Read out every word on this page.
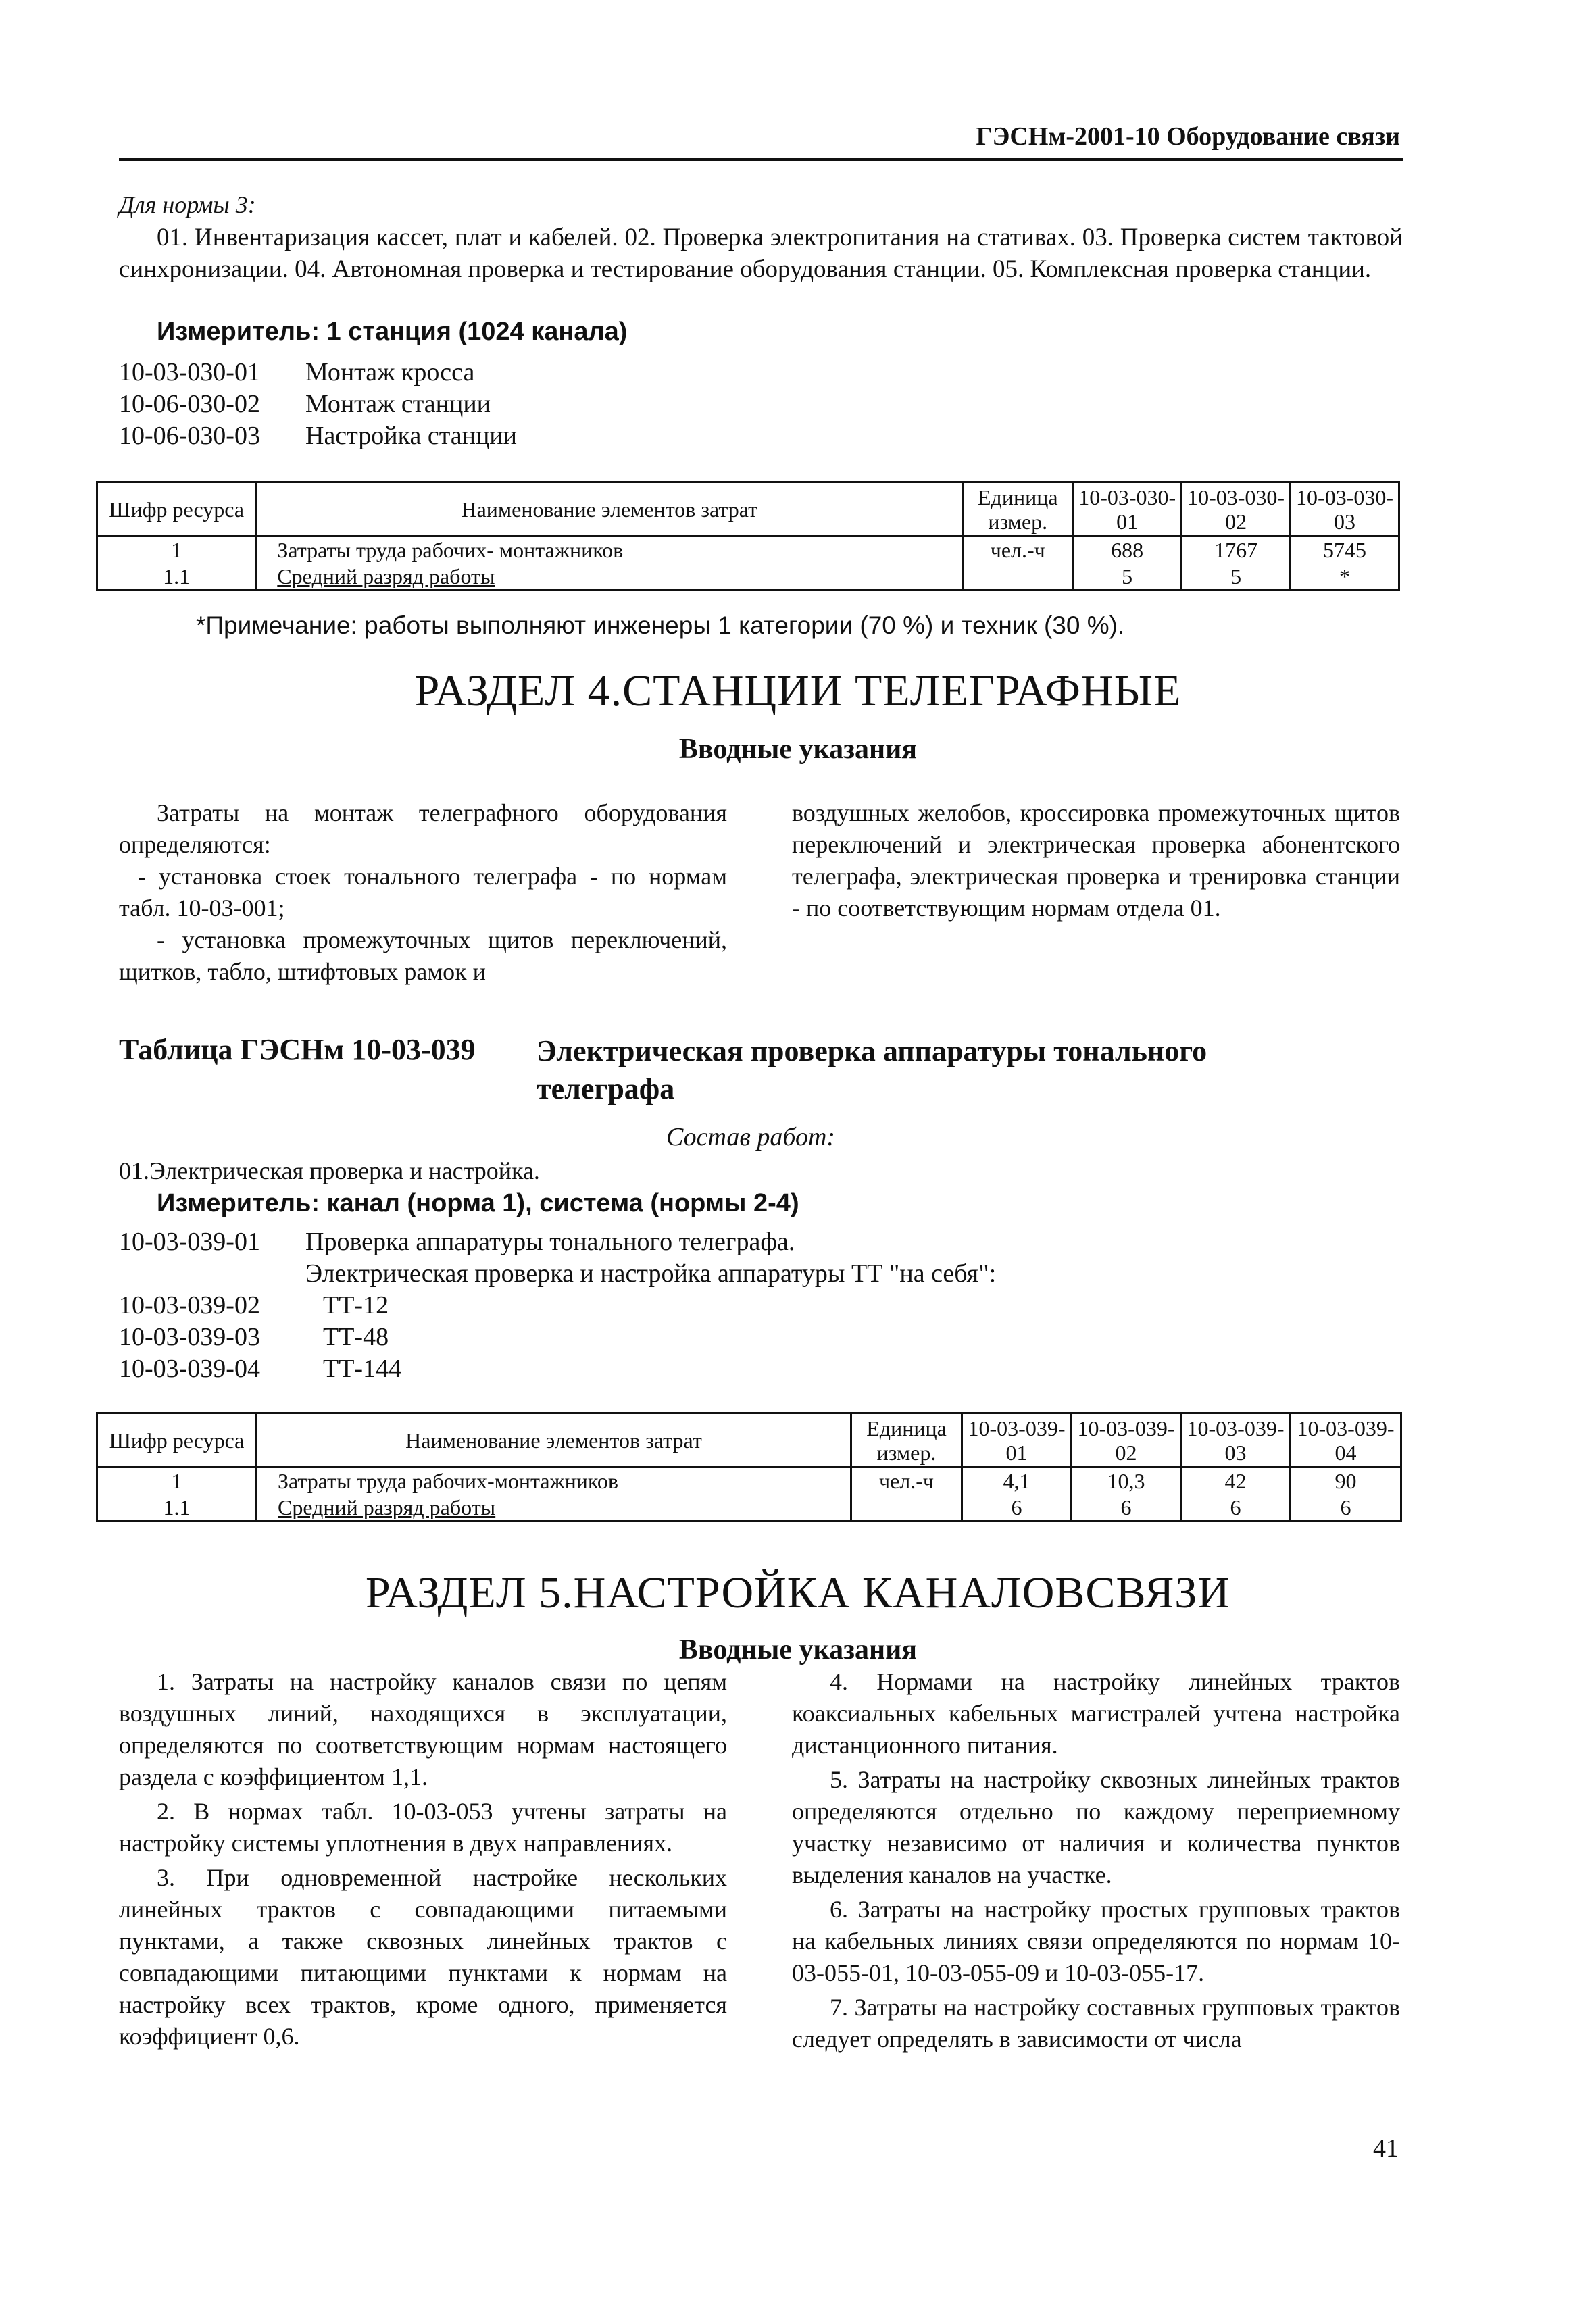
ГЭСНм-2001-10 Оборудование связи
Для нормы 3:
01. Инвентаризация кассет, плат и кабелей. 02. Проверка электропитания на стативах. 03. Проверка систем тактовой синхронизации. 04. Автономная проверка и тестирование оборудования станции. 05. Комплексная проверка станции.
Измеритель: 1 станция (1024 канала)
10-03-030-01	Монтаж кросса
10-06-030-02	Монтаж станции
10-06-030-03	Настройка станции
Шифр ресурса	Наименование элементов затрат	Единица измер.	10-03-030-01	10-03-030-02	10-03-030-03
1	Затраты труда рабочих- монтажников	чел.-ч	688	1767	5745
1.1	Средний разряд работы		5	5	*
*Примечание: работы выполняют инженеры 1 категории (70 %) и техник (30 %).
РАЗДЕЛ 4.СТАНЦИИ ТЕЛЕГРАФНЫЕ
Вводные указания
Затраты на монтаж телеграфного оборудования определяются:
- установка стоек тонального телеграфа - по нормам табл. 10-03-001;
- установка промежуточных щитов переключений, щитков, табло, штифтовых рамок и
воздушных желобов, кроссировка промежуточных щитов переключений и электрическая проверка абонентского телеграфа, электрическая проверка и тренировка станции - по соответствующим нормам отдела 01.
Таблица ГЭСНм 10-03-039 Электрическая проверка аппаратуры тонального телеграфа
Состав работ:
01.Электрическая проверка и настройка.
Измеритель: канал (норма 1), система (нормы 2-4)
10-03-039-01	Проверка аппаратуры тонального телеграфа.
	Электрическая проверка и настройка аппаратуры ТТ "на себя":
10-03-039-02	ТТ-12
10-03-039-03	ТТ-48
10-03-039-04	ТТ-144
Шифр ресурса	Наименование элементов затрат	Единица измер.	10-03-039-01	10-03-039-02	10-03-039-03	10-03-039-04
1	Затраты труда рабочих-монтажников	чел.-ч	4,1	10,3	42	90
1.1	Средний разряд работы		6	6	6	6
РАЗДЕЛ 5.НАСТРОЙКА КАНАЛОВСВЯЗИ
Вводные указания
1. Затраты на настройку каналов связи по цепям воздушных линий, находящихся в эксплуатации, определяются по соответствующим нормам настоящего раздела с коэффициентом 1,1.
2. В нормах табл. 10-03-053 учтены затраты на настройку системы уплотнения в двух направлениях.
3. При одновременной настройке нескольких линейных трактов с совпадающими питаемыми пунктами, а также сквозных линейных трактов с совпадающими питающими пунктами к нормам на настройку всех трактов, кроме одного, применяется коэффициент 0,6.
4. Нормами на настройку линейных трактов коаксиальных кабельных магистралей учтена настройка дистанционного питания.
5. Затраты на настройку сквозных линейных трактов определяются отдельно по каждому переприемному участку независимо от наличия и количества пунктов выделения каналов на участке.
6. Затраты на настройку простых групповых трактов на кабельных линиях связи определяются по нормам 10-03-055-01, 10-03-055-09 и 10-03-055-17.
7. Затраты на настройку составных групповых трактов следует определять в зависимости от числа
41
